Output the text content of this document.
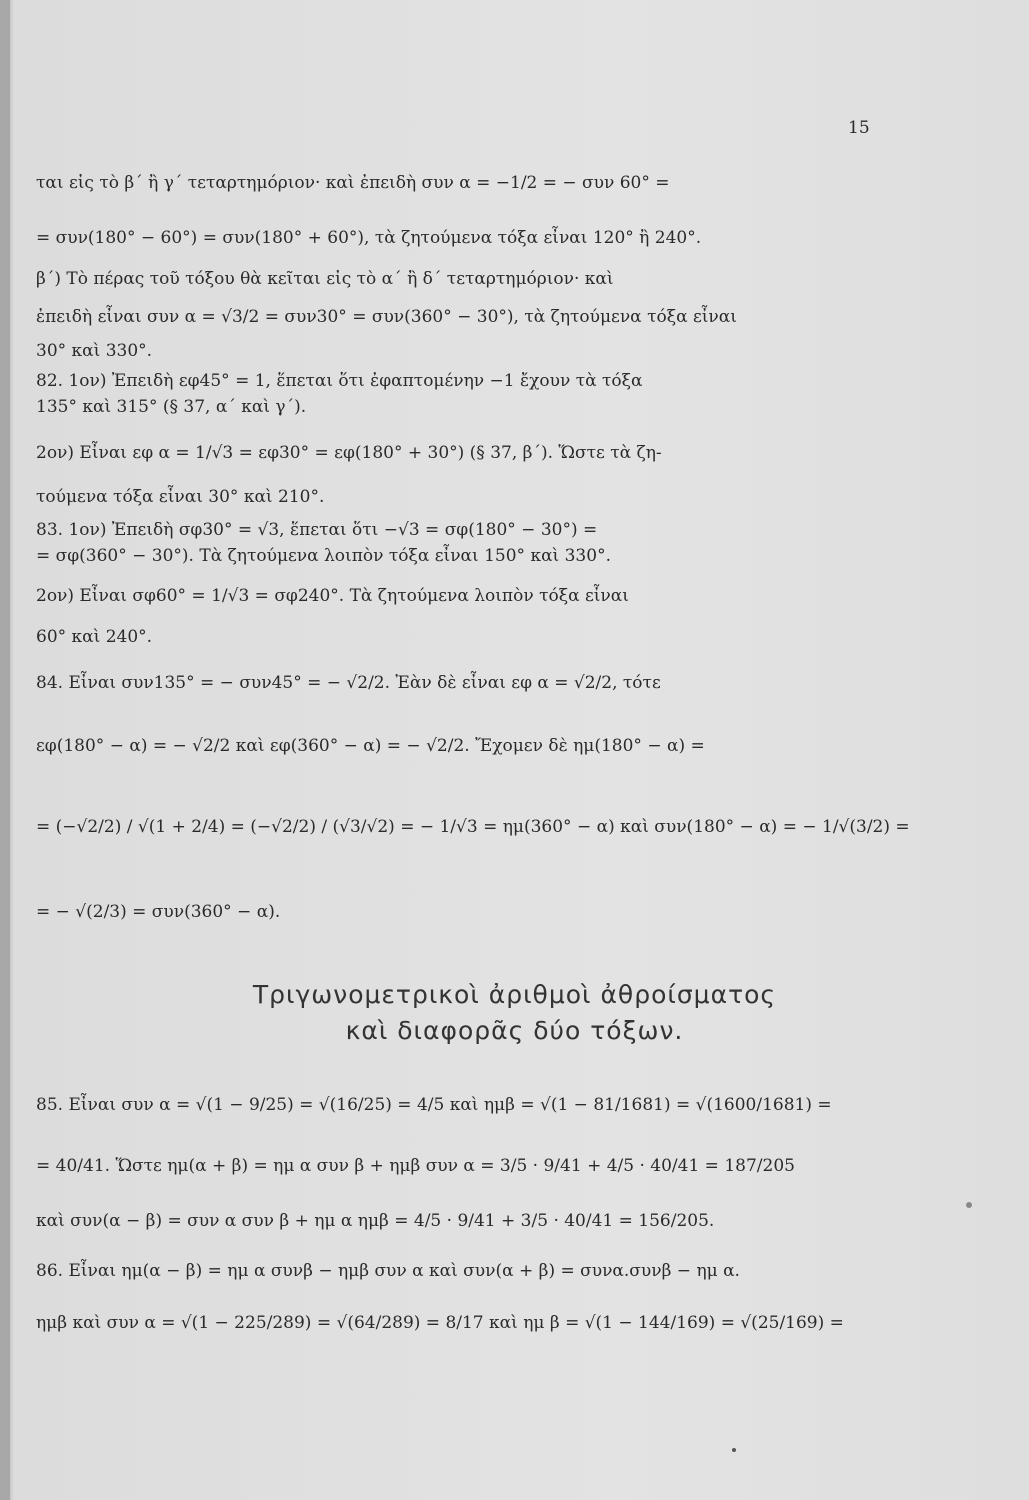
15
ται εἰς τὸ β΄ ἢ γ΄ τεταρτημόριον· καὶ ἐπειδὴ συν α = −1/2 = − συν 60° =
= συν(180° − 60°) = συν(180° + 60°), τὰ ζητούμενα τόξα εἶναι 120° ἢ 240°.
β΄) Τὸ πέρας τοῦ τόξου θὰ κεῖται εἰς τὸ α΄ ἢ δ΄ τεταρτημόριον· καὶ
ἐπειδὴ εἶναι συν α = √3/2 = συν30° = συν(360° − 30°), τὰ ζητούμενα τόξα εἶναι
30° καὶ 330°.
82. 1ον) Ἐπειδὴ εφ45° = 1, ἕπεται ὅτι ἐφαπτομένην −1 ἔχουν τὰ τόξα
135° καὶ 315° (§ 37, α΄ καὶ γ΄).
2ον) Εἶναι εφ α = 1/√3 = εφ30° = εφ(180° + 30°) (§ 37, β΄). Ὥστε τὰ ζη-
τούμενα τόξα εἶναι 30° καὶ 210°.
83. 1ον) Ἐπειδὴ σφ30° = √3, ἕπεται ὅτι −√3 = σφ(180° − 30°) =
= σφ(360° − 30°). Τὰ ζητούμενα λοιπὸν τόξα εἶναι 150° καὶ 330°.
2ον) Εἶναι σφ60° = 1/√3 = σφ240°. Τὰ ζητούμενα λοιπὸν τόξα εἶναι
60° καὶ 240°.
84. Εἶναι συν135° = − συν45° = − √2/2. Ἐὰν δὲ εἶναι εφ α = √2/2, τότε
εφ(180° − α) = − √2/2 καὶ εφ(360° − α) = − √2/2. Ἔχομεν δὲ ημ(180° − α) =
= (−√2/2) / √(1 + 2/4) = (−√2/2) / (√3/√2) = − 1/√3 = ημ(360° − α) καὶ συν(180° − α) = − 1/√(3/2) =
= − √(2/3) = συν(360° − α).
Τριγωνομετρικοὶ ἀριθμοὶ ἀθροίσματος
καὶ διαφορᾶς δύο τόξων.
85. Εἶναι συν α = √(1 − 9/25) = √(16/25) = 4/5 καὶ ημβ = √(1 − 81/1681) = √(1600/1681) =
= 40/41. Ὥστε ημ(α + β) = ημ α συν β + ημβ συν α = 3/5 · 9/41 + 4/5 · 40/41 = 187/205
καὶ συν(α − β) = συν α συν β + ημ α ημβ = 4/5 · 9/41 + 3/5 · 40/41 = 156/205.
86. Εἶναι ημ(α − β) = ημ α συνβ − ημβ συν α καὶ συν(α + β) = συνα.συνβ − ημ α.
ημβ καὶ συν α = √(1 − 225/289) = √(64/289) = 8/17 καὶ ημ β = √(1 − 144/169) = √(25/169) =
